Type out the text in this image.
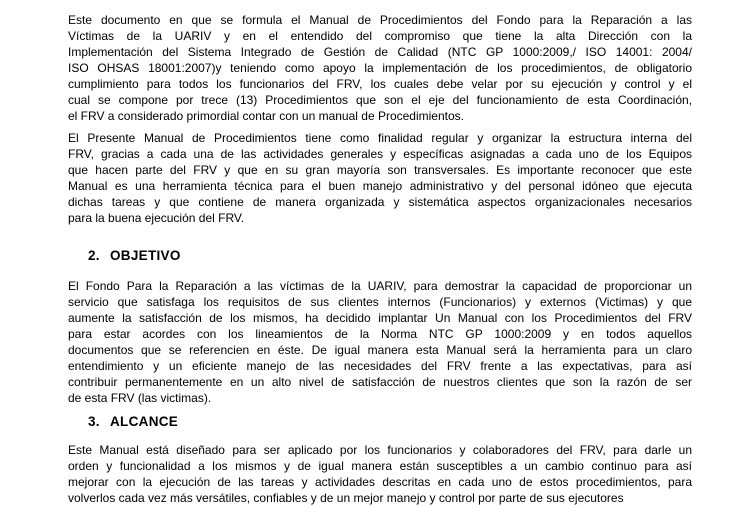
Este documento en que se formula el Manual de Procedimientos del Fondo para la Reparación a las
Víctimas de la UARIV y en el entendido del compromiso que tiene la alta Dirección con la
Implementación del Sistema Integrado de Gestión de Calidad (NTC GP 1000:2009,/ ISO 14001: 2004/
ISO OHSAS 18001:2007)y teniendo como apoyo la implementación de los procedimientos, de obligatorio
cumplimiento para todos los funcionarios del FRV, los cuales debe velar por su ejecución y control y el
cual se compone por trece (13) Procedimientos que son el eje del funcionamiento de esta Coordinación,
el FRV a considerado primordial contar con un manual de Procedimientos.
El Presente Manual de Procedimientos tiene como finalidad regular y organizar la estructura interna del
FRV, gracias a cada una de las actividades generales y específicas asignadas a cada uno de los Equipos
que hacen parte del FRV y que en su gran mayoría son transversales. Es importante reconocer que este
Manual es una herramienta técnica para el buen manejo administrativo y del personal idóneo que ejecuta
dichas tareas y que contiene de manera organizada y sistemática aspectos organizacionales necesarios
para la buena ejecución del FRV.
2. OBJETIVO
El Fondo Para la Reparación a las víctimas de la UARIV, para demostrar la capacidad de proporcionar un
servicio que satisfaga los requisitos de sus clientes internos (Funcionarios) y externos (Victimas) y que
aumente la satisfacción de los mismos, ha decidido implantar Un Manual con los Procedimientos del FRV
para estar acordes con los lineamientos de la Norma NTC GP 1000:2009 y en todos aquellos
documentos que se referencien en éste. De igual manera esta Manual será la herramienta para un claro
entendimiento y un eficiente manejo de las necesidades del FRV frente a las expectativas, para así
contribuir permanentemente en un alto nivel de satisfacción de nuestros clientes que son la razón de ser
de esta FRV (las victimas).
3. ALCANCE
Este Manual está diseñado para ser aplicado por los funcionarios y colaboradores del FRV, para darle un
orden y funcionalidad a los mismos y de igual manera están susceptibles a un cambio continuo para así
mejorar con la ejecución de las tareas y actividades descritas en cada uno de estos procedimientos, para
volverlos cada vez más versátiles, confiables y de un mejor manejo y control por parte de sus ejecutores
